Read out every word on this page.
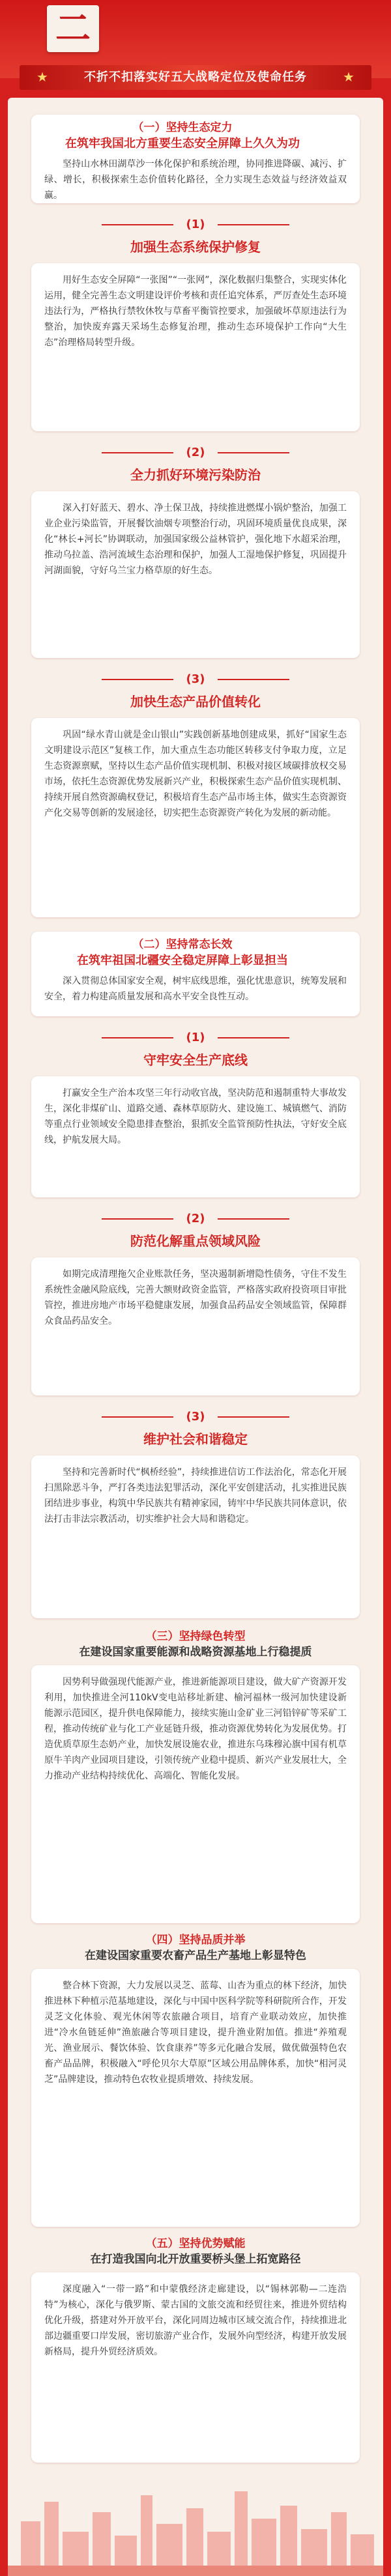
二
★	不折不扣落实好五大战略定位及使命任务	★
（一）坚持生态定力
在筑牢我国北方重要生态安全屏障上久久为功

坚持山水林田湖草沙一体化保护和系统治理，协同推进降碳、减污、扩绿、增长，积极探索生态价值转化路径，全力实现生态效益与经济效益双赢。

(1)
加强生态系统保护修复

用好生态安全屏障“一张图”“一张网”，深化数据归集整合，实现实体化运用，健全完善生态文明建设评价考核和责任追究体系，严厉查处生态环境违法行为，严格执行禁牧休牧与草畜平衡管控要求，加强破坏草原违法行为整治，加快废弃露天采场生态修复治理，推动生态环境保护工作向“大生态”治理格局转型升级。

(2)
全力抓好环境污染防治

深入打好蓝天、碧水、净土保卫战，持续推进燃煤小锅炉整治，加强工业企业污染监管，开展餐饮油烟专项整治行动，巩固环境质量优良成果，深化“林长+河长”协调联动，加强国家级公益林管护，强化地下水超采治理，推动乌拉盖、浩河流域生态治理和保护，加强人工湿地保护修复，巩固提升河湖面貌，守好乌兰宝力格草原的好生态。

(3)
加快生态产品价值转化

巩固“绿水青山就是金山银山”实践创新基地创建成果，抓好“国家生态文明建设示范区”复核工作，加大重点生态功能区转移支付争取力度，立足生态资源禀赋，坚持以生态产品价值实现机制、积极对接区域碳排放权交易市场，依托生态资源优势发展新兴产业，积极探索生态产品价值实现机制、持续开展自然资源确权登记，积极培育生态产品市场主体，做实生态资源资产化交易等创新的发展途径，切实把生态资源资产转化为发展的新动能。

（二）坚持常态长效
在筑牢祖国北疆安全稳定屏障上彰显担当

深入贯彻总体国家安全观，树牢底线思维，强化忧患意识，统筹发展和安全，着力构建高质量发展和高水平安全良性互动。

(1)
守牢安全生产底线

打赢安全生产治本攻坚三年行动收官战，坚决防范和遏制重特大事故发生，深化非煤矿山、道路交通、森林草原防火、建设施工、城镇燃气、消防等重点行业领域安全隐患排查整治，狠抓安全监管预防性执法，守好安全底线，护航发展大局。

(2)
防范化解重点领域风险

如期完成清理拖欠企业账款任务，坚决遏制新增隐性债务，守住不发生系统性金融风险底线，完善大额财政资金监管，严格落实政府投资项目审批管控，推进房地产市场平稳健康发展，加强食品药品安全领域监管，保障群众食品药品安全。

(3)
维护社会和谐稳定

坚持和完善新时代“枫桥经验”，持续推进信访工作法治化，常态化开展扫黑除恶斗争，严打各类违法犯罪活动，深化平安创建活动，扎实推进民族团结进步事业，构筑中华民族共有精神家园，铸牢中华民族共同体意识，依法打击非法宗教活动，切实维护社会大局和谐稳定。

（三）坚持绿色转型
在建设国家重要能源和战略资源基地上行稳提质

因势利导做强现代能源产业，推进新能源项目建设，做大矿产资源开发利用，加快推进全河110kV变电站移址新建、榆河福林一级河加快建设新能源示范园区，提升供电保障能力，接续实施山金矿业三河铅锌矿等采矿工程，推动传统矿业与化工产业延链升级，推动资源优势转化为发展优势。打造优质草原生态奶产业，加快发展设施农业，推进东乌珠穆沁旗中国有机草原牛羊肉产业园项目建设，引领传统产业稳中提质、新兴产业发展壮大，全力推动产业结构持续优化、高端化、智能化发展。

（四）坚持品质并举
在建设国家重要农畜产品生产基地上彰显特色

整合林下资源，大力发展以灵芝、蓝莓、山杏为重点的林下经济，加快推进林下种植示范基地建设，深化与中国中医科学院等科研院所合作，开发灵芝文化体验、观光休闲等农旅融合项目，培育产业联动效应，加快推进“冷水鱼链延伸”渔旅融合等项目建设，提升渔业附加值。推进“养殖观光、渔业展示、餐饮体验、饮食康养”等多元化融合发展，做优做强特色农畜产品品牌，积极融入“呼伦贝尔大草原”区域公用品牌体系，加快“相河灵芝”品牌建设，推动特色农牧业提质增效、持续发展。

（五）坚持优势赋能
在打造我国向北开放重要桥头堡上拓宽路径

深度融入“一带一路”和中蒙俄经济走廊建设，以“锡林郭勒—二连浩特”为核心，深化与俄罗斯、蒙古国的文旅交流和经贸往来，推进外贸结构优化升级，搭建对外开放平台，深化同周边城市区域交流合作，持续推进北部边疆重要口岸发展，密切旅游产业合作，发展外向型经济，构建开放发展新格局，提升外贸经济质效。
